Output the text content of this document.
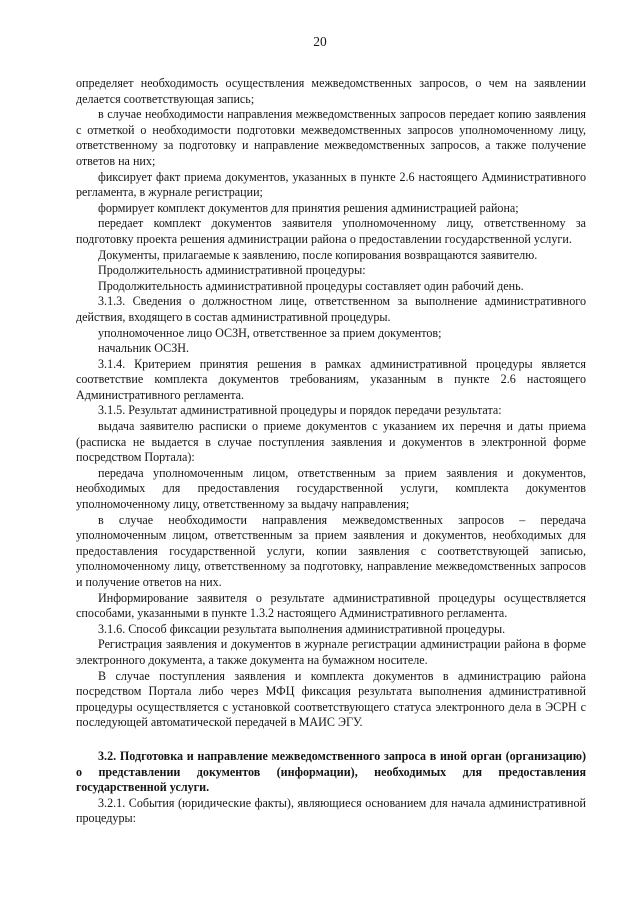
20

определяет необходимость осуществления межведомственных запросов, о чем на заявлении делается соответствующая запись;

в случае необходимости направления межведомственных запросов передает копию заявления с отметкой о необходимости подготовки межведомственных запросов уполномоченному лицу, ответственному за подготовку и направление межведомственных запросов, а также получение ответов на них;

фиксирует факт приема документов, указанных в пункте 2.6 настоящего Административного регламента, в журнале регистрации;

формирует комплект документов для принятия решения администрацией района;

передает комплект документов заявителя уполномоченному лицу, ответственному за подготовку проекта решения администрации района о предоставлении государственной услуги.

Документы, прилагаемые к заявлению, после копирования возвращаются заявителю.

Продолжительность административной процедуры:

Продолжительность административной процедуры составляет один рабочий день.

3.1.3. Сведения о должностном лице, ответственном за выполнение административного действия, входящего в состав административной процедуры.

уполномоченное лицо ОСЗН, ответственное за прием документов;

начальник ОСЗН.

3.1.4. Критерием принятия решения в рамках административной процедуры является соответствие комплекта документов требованиям, указанным в пункте 2.6 настоящего Административного регламента.

3.1.5. Результат административной процедуры и порядок передачи результата:

выдача заявителю расписки о приеме документов с указанием их перечня и даты приема (расписка не выдается в случае поступления заявления и документов в электронной форме посредством Портала):

передача уполномоченным лицом, ответственным за прием заявления и документов, необходимых для предоставления государственной услуги, комплекта документов уполномоченному лицу, ответственному за выдачу направления;

в случае необходимости направления межведомственных запросов – передача уполномоченным лицом, ответственным за прием заявления и документов, необходимых для предоставления государственной услуги, копии заявления с соответствующей записью, уполномоченному лицу, ответственному за подготовку, направление межведомственных запросов и получение ответов на них.

Информирование заявителя о результате административной процедуры осуществляется способами, указанными в пункте 1.3.2 настоящего Административного регламента.

3.1.6. Способ фиксации результата выполнения административной процедуры.

Регистрация заявления и документов в журнале регистрации администрации района в форме электронного документа, а также документа на бумажном носителе.

В случае поступления заявления и комплекта документов в администрацию района посредством Портала либо через МФЦ фиксация результата выполнения административной процедуры осуществляется с установкой соответствующего статуса электронного дела в ЭСРН с последующей автоматической передачей в МАИС ЭГУ.

3.2. Подготовка и направление межведомственного запроса в иной орган (организацию) о представлении документов (информации), необходимых для предоставления государственной услуги.

3.2.1. События (юридические факты), являющиеся основанием для начала административной процедуры:
